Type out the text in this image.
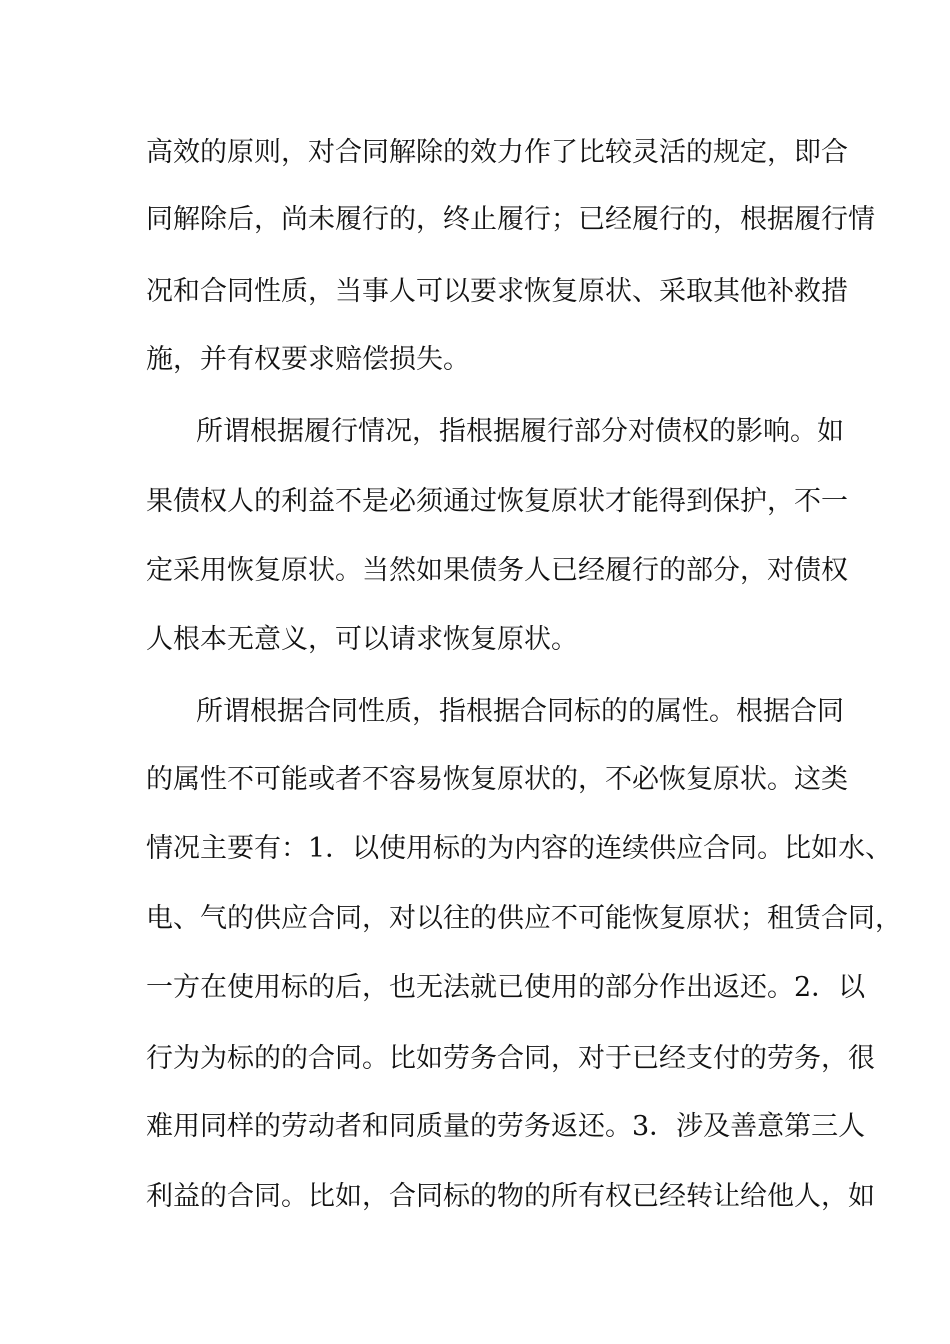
高效的原则，对合同解除的效力作了比较灵活的规定，即合
同解除后，尚未履行的，终止履行；已经履行的，根据履行情
况和合同性质，当事人可以要求恢复原状、采取其他补救措
施，并有权要求赔偿损失。
所谓根据履行情况，指根据履行部分对债权的影响。如
果债权人的利益不是必须通过恢复原状才能得到保护，不一
定采用恢复原状。当然如果债务人已经履行的部分，对债权
人根本无意义，可以请求恢复原状。
所谓根据合同性质，指根据合同标的的属性。根据合同
的属性不可能或者不容易恢复原状的，不必恢复原状。这类
情况主要有：1．以使用标的为内容的连续供应合同。比如水、
电、气的供应合同，对以往的供应不可能恢复原状；租赁合同，
一方在使用标的后，也无法就已使用的部分作出返还。2．以
行为为标的的合同。比如劳务合同，对于已经支付的劳务，很
难用同样的劳动者和同质量的劳务返还。3．涉及善意第三人
利益的合同。比如，合同标的物的所有权已经转让给他人，如
